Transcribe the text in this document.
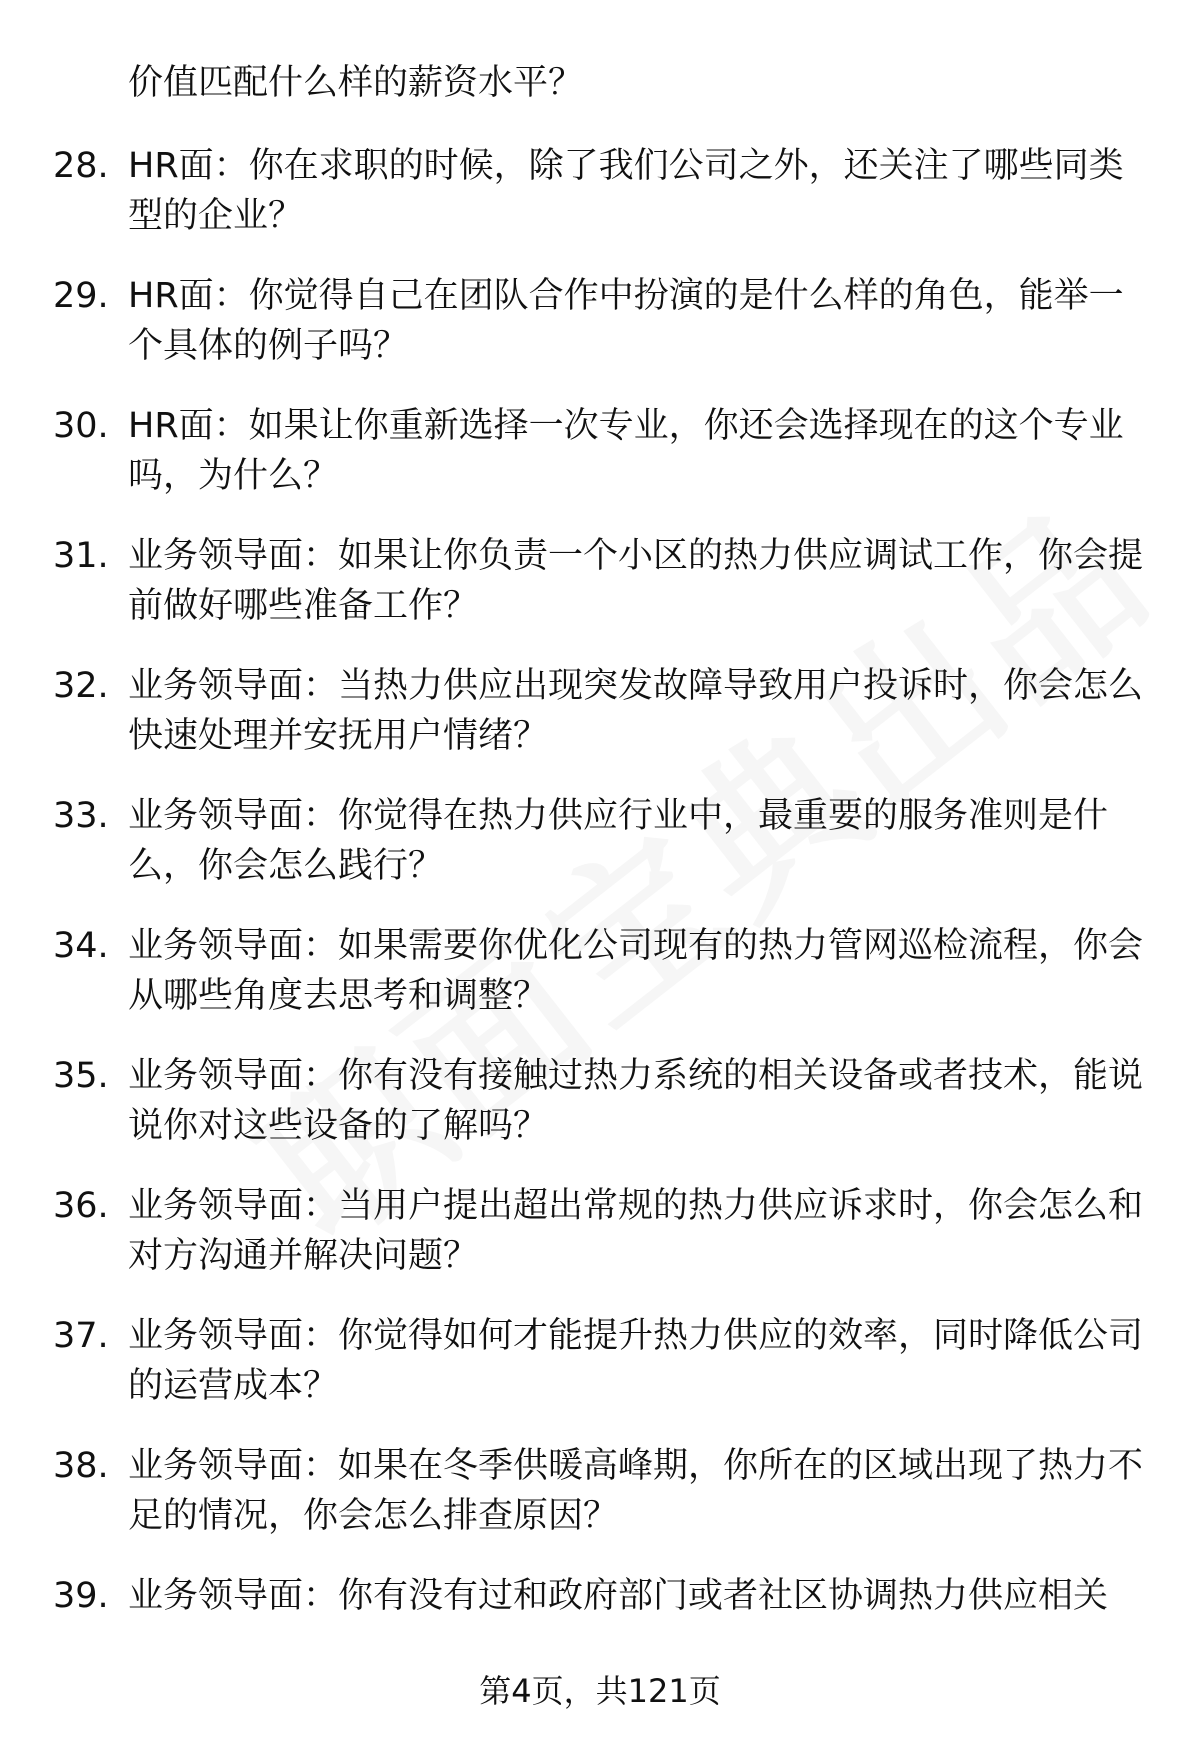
价值匹配什么样的薪资水平？
28. HR面：你在求职的时候，除了我们公司之外，还关注了哪些同类型的企业？
29. HR面：你觉得自己在团队合作中扮演的是什么样的角色，能举一个具体的例子吗？
30. HR面：如果让你重新选择一次专业，你还会选择现在的这个专业吗，为什么？
31. 业务领导面：如果让你负责一个小区的热力供应调试工作，你会提前做好哪些准备工作？
32. 业务领导面：当热力供应出现突发故障导致用户投诉时，你会怎么快速处理并安抚用户情绪？
33. 业务领导面：你觉得在热力供应行业中，最重要的服务准则是什么，你会怎么践行？
34. 业务领导面：如果需要你优化公司现有的热力管网巡检流程，你会从哪些角度去思考和调整？
35. 业务领导面：你有没有接触过热力系统的相关设备或者技术，能说说你对这些设备的了解吗？
36. 业务领导面：当用户提出超出常规的热力供应诉求时，你会怎么和对方沟通并解决问题？
37. 业务领导面：你觉得如何才能提升热力供应的效率，同时降低公司的运营成本？
38. 业务领导面：如果在冬季供暖高峰期，你所在的区域出现了热力不足的情况，你会怎么排查原因？
39. 业务领导面：你有没有过和政府部门或者社区协调热力供应相关
第4页，共121页
